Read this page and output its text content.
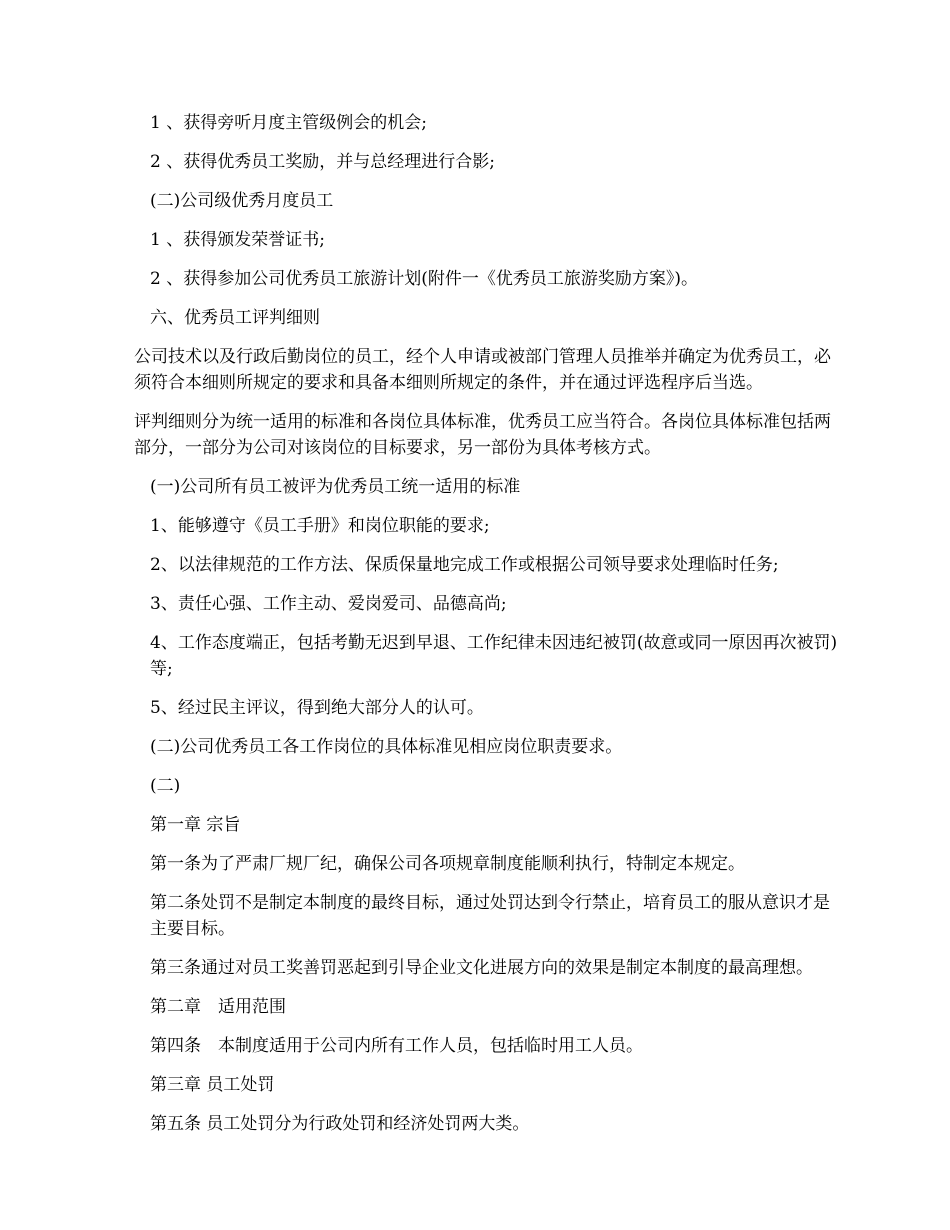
1 、获得旁听月度主管级例会的机会;

2 、获得优秀员工奖励，并与总经理进行合影;

(二)公司级优秀月度员工

1 、获得颁发荣誉证书;

2 、获得参加公司优秀员工旅游计划(附件一《优秀员工旅游奖励方案》)。

六、优秀员工评判细则

公司技术以及行政后勤岗位的员工，经个人申请或被部门管理人员推举并确定为优秀员工，必须符合本细则所规定的要求和具备本细则所规定的条件，并在通过评选程序后当选。

评判细则分为统一适用的标准和各岗位具体标准，优秀员工应当符合。各岗位具体标准包括两部分，一部分为公司对该岗位的目标要求，另一部份为具体考核方式。

(一)公司所有员工被评为优秀员工统一适用的标准

1、能够遵守《员工手册》和岗位职能的要求;

2、以法律规范的工作方法、保质保量地完成工作或根据公司领导要求处理临时任务;

3、责任心强、工作主动、爱岗爱司、品德高尚;

4、工作态度端正，包括考勤无迟到早退、工作纪律未因违纪被罚(故意或同一原因再次被罚)等;

5、经过民主评议，得到绝大部分人的认可。

(二)公司优秀员工各工作岗位的具体标准见相应岗位职责要求。

(二)

第一章 宗旨

第一条为了严肃厂规厂纪，确保公司各项规章制度能顺利执行，特制定本规定。

第二条处罚不是制定本制度的最终目标，通过处罚达到令行禁止，培育员工的服从意识才是主要目标。

第三条通过对员工奖善罚恶起到引导企业文化进展方向的效果是制定本制度的最高理想。

第二章　适用范围

第四条　本制度适用于公司内所有工作人员，包括临时用工人员。

第三章 员工处罚

第五条 员工处罚分为行政处罚和经济处罚两大类。
